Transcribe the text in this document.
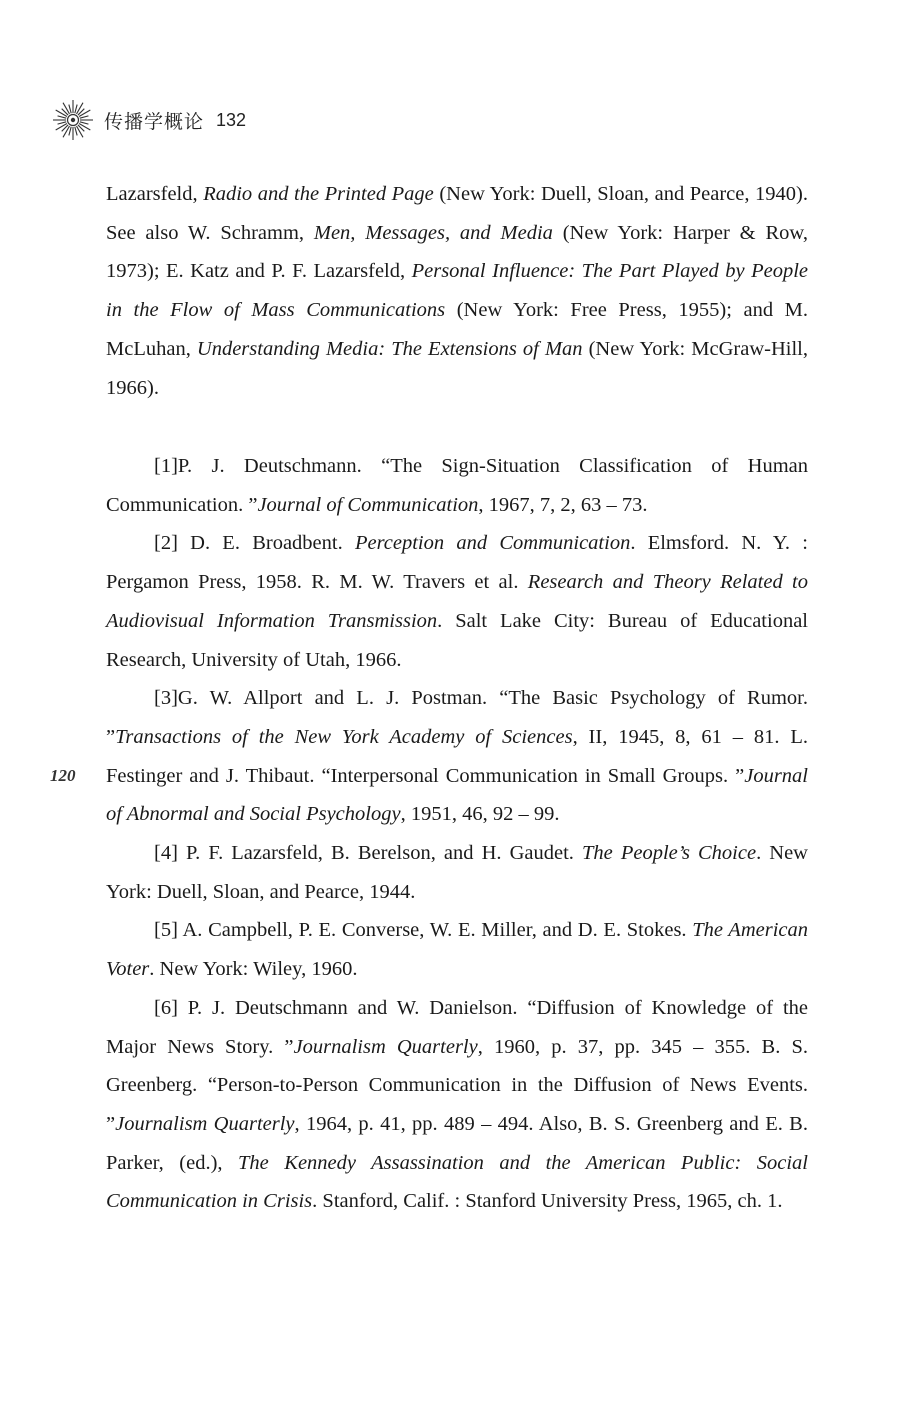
传播学概论 132
120

Lazarsfeld, Radio and the Printed Page (New York: Duell, Sloan, and Pearce, 1940). See also W. Schramm, Men, Messages, and Media (New York: Harper & Row, 1973); E. Katz and P. F. Lazarsfeld, Personal Influence: The Part Played by People in the Flow of Mass Communications (New York: Free Press, 1955); and M. McLuhan, Understanding Media: The Extensions of Man (New York: McGraw-Hill, 1966).

[1]P. J. Deutschmann. “The Sign-Situation Classification of Human Communication. ”Journal of Communication, 1967, 7, 2, 63 – 73.

[2] D. E. Broadbent. Perception and Communication. Elmsford. N. Y. : Pergamon Press, 1958. R. M. W. Travers et al. Research and Theory Related to Audiovisual Information Transmission. Salt Lake City: Bureau of Educational Research, University of Utah, 1966.

[3]G. W. Allport and L. J. Postman. “The Basic Psychology of Rumor. ”Transactions of the New York Academy of Sciences, II, 1945, 8, 61 – 81. L. Festinger and J. Thibaut. “Interpersonal Communication in Small Groups. ”Journal of Abnormal and Social Psychology, 1951, 46, 92 – 99.

[4] P. F. Lazarsfeld, B. Berelson, and H. Gaudet. The People’s Choice. New York: Duell, Sloan, and Pearce, 1944.

[5] A. Campbell, P. E. Converse, W. E. Miller, and D. E. Stokes. The American Voter. New York: Wiley, 1960.

[6] P. J. Deutschmann and W. Danielson. “Diffusion of Knowledge of the Major News Story. ”Journalism Quarterly, 1960, p. 37, pp. 345 – 355. B. S. Greenberg. “Person-to-Person Communication in the Diffusion of News Events. ”Journalism Quarterly, 1964, p. 41, pp. 489 – 494. Also, B. S. Greenberg and E. B. Parker, (ed.), The Kennedy Assassination and the American Public: Social Communication in Crisis. Stanford, Calif. : Stanford University Press, 1965, ch. 1.
